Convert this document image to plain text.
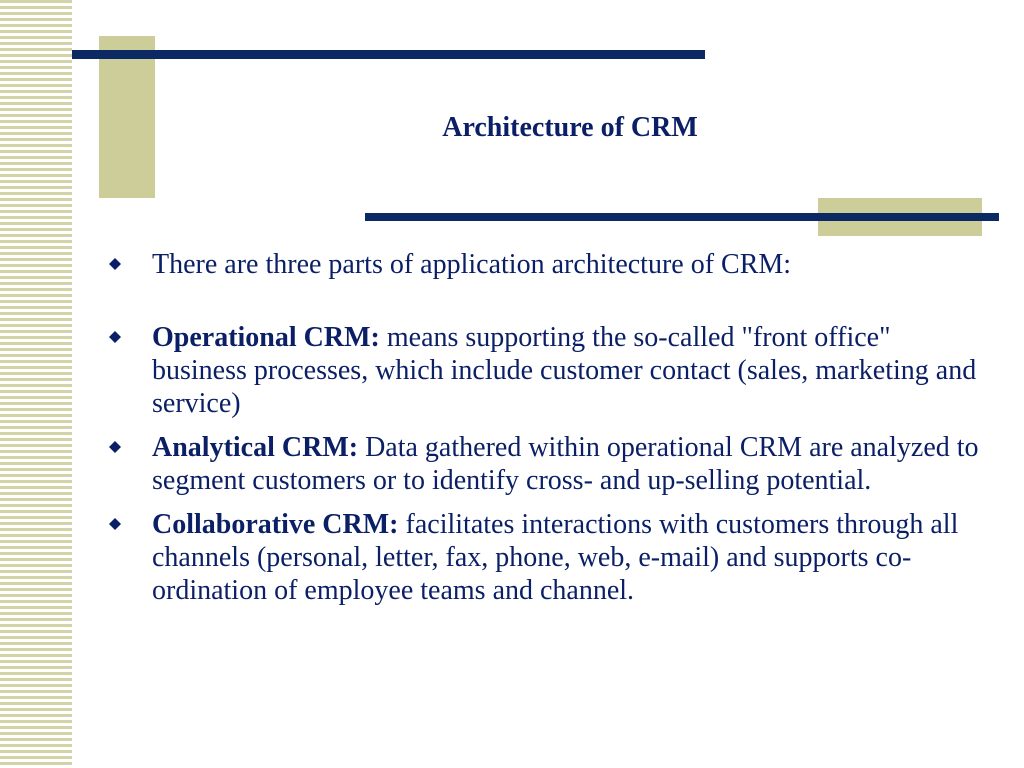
Architecture of CRM
There are three parts of application architecture of CRM:
Operational CRM: means supporting the so-called "front office" business processes, which include customer contact (sales, marketing and service)
Analytical CRM: Data gathered within operational CRM are analyzed to segment customers or to identify cross- and up-selling potential.
Collaborative CRM: facilitates interactions with customers through all channels (personal, letter, fax, phone, web, e-mail) and supports co-ordination of employee teams and channel.
